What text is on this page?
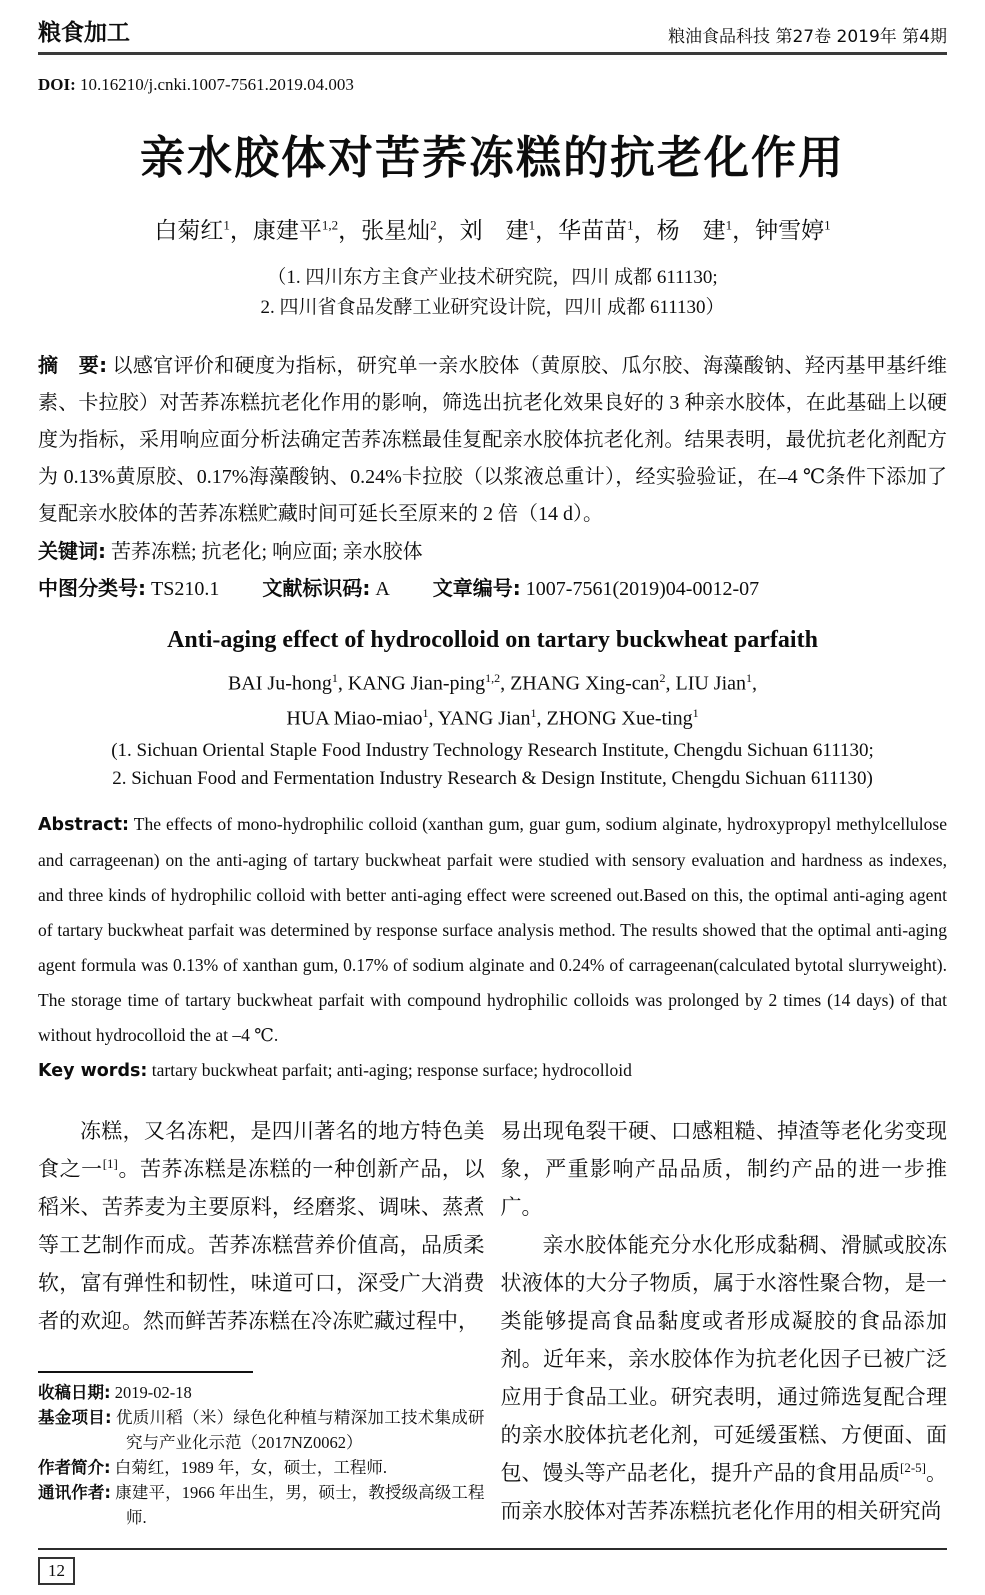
粮食加工	粮油食品科技 第27卷 2019年 第4期
DOI: 10.16210/j.cnki.1007-7561.2019.04.003
亲水胶体对苦荞冻糕的抗老化作用
白菊红$^1$，康建平$^{1,2}$，张星灿$^2$，刘　建$^1$，华苗苗$^1$，杨　建$^1$，钟雪婷$^1$
（1. 四川东方主食产业技术研究院，四川 成都 611130;
2. 四川省食品发酵工业研究设计院，四川 成都 611130）

摘　要: 以感官评价和硬度为指标，研究单一亲水胶体（黄原胶、瓜尔胶、海藻酸钠、羟丙基甲基纤维素、卡拉胶）对苦荞冻糕抗老化作用的影响，筛选出抗老化效果良好的 3 种亲水胶体，在此基础上以硬度为指标，采用响应面分析法确定苦荞冻糕最佳复配亲水胶体抗老化剂。结果表明，最优抗老化剂配方为 0.13%黄原胶、0.17%海藻酸钠、0.24%卡拉胶（以浆液总重计），经实验验证，在–4 ℃条件下添加了复配亲水胶体的苦荞冻糕贮藏时间可延长至原来的 2 倍（14 d）。

关键词: 苦荞冻糕; 抗老化; 响应面; 亲水胶体

中图分类号: TS210.1 文献标识码: A 文章编号: 1007-7561(2019)04-0012-07

Anti-aging effect of hydrocolloid on tartary buckwheat parfaith
BAI Ju-hong$^1$, KANG Jian-ping$^{1,2}$, ZHANG Xing-can$^2$, LIU Jian$^1$,
HUA Miao-miao$^1$, YANG Jian$^1$, ZHONG Xue-ting$^1$
(1. Sichuan Oriental Staple Food Industry Technology Research Institute, Chengdu Sichuan 611130;
2. Sichuan Food and Fermentation Industry Research & Design Institute, Chengdu Sichuan 611130)

Abstract: The effects of mono-hydrophilic colloid (xanthan gum, guar gum, sodium alginate, hydroxypropyl methylcellulose and carrageenan) on the anti-aging of tartary buckwheat parfait were studied with sensory evaluation and hardness as indexes, and three kinds of hydrophilic colloid with better anti-aging effect were screened out.Based on this, the optimal anti-aging agent of tartary buckwheat parfait was determined by response surface analysis method. The results showed that the optimal anti-aging agent formula was 0.13% of xanthan gum, 0.17% of sodium alginate and 0.24% of carrageenan(calculated bytotal slurryweight). The storage time of tartary buckwheat parfait with compound hydrophilic colloids was prolonged by 2 times (14 days) of that without hydrocolloid the at –4 ℃.

Key words: tartary buckwheat parfait; anti-aging; response surface; hydrocolloid

冻糕，又名冻粑，是四川著名的地方特色美食之一[1]。苦荞冻糕是冻糕的一种创新产品，以稻米、苦荞麦为主要原料，经磨浆、调味、蒸煮等工艺制作而成。苦荞冻糕营养价值高，品质柔软，富有弹性和韧性，味道可口，深受广大消费者的欢迎。然而鲜苦荞冻糕在冷冻贮藏过程中，

收稿日期: 2019-02-18
基金项目: 优质川稻（米）绿色化种植与精深加工技术集成研究与产业化示范（2017NZ0062）
作者简介: 白菊红，1989 年，女，硕士，工程师.
通讯作者: 康建平，1966 年出生，男，硕士，教授级高级工程师.

易出现龟裂干硬、口感粗糙、掉渣等老化劣变现象，严重影响产品品质，制约产品的进一步推广。

亲水胶体能充分水化形成黏稠、滑腻或胶冻状液体的大分子物质，属于水溶性聚合物，是一类能够提高食品黏度或者形成凝胶的食品添加剂。近年来，亲水胶体作为抗老化因子已被广泛应用于食品工业。研究表明，通过筛选复配合理的亲水胶体抗老化剂，可延缓蛋糕、方便面、面包、馒头等产品老化，提升产品的食用品质[2-5]。而亲水胶体对苦荞冻糕抗老化作用的相关研究尚

12
